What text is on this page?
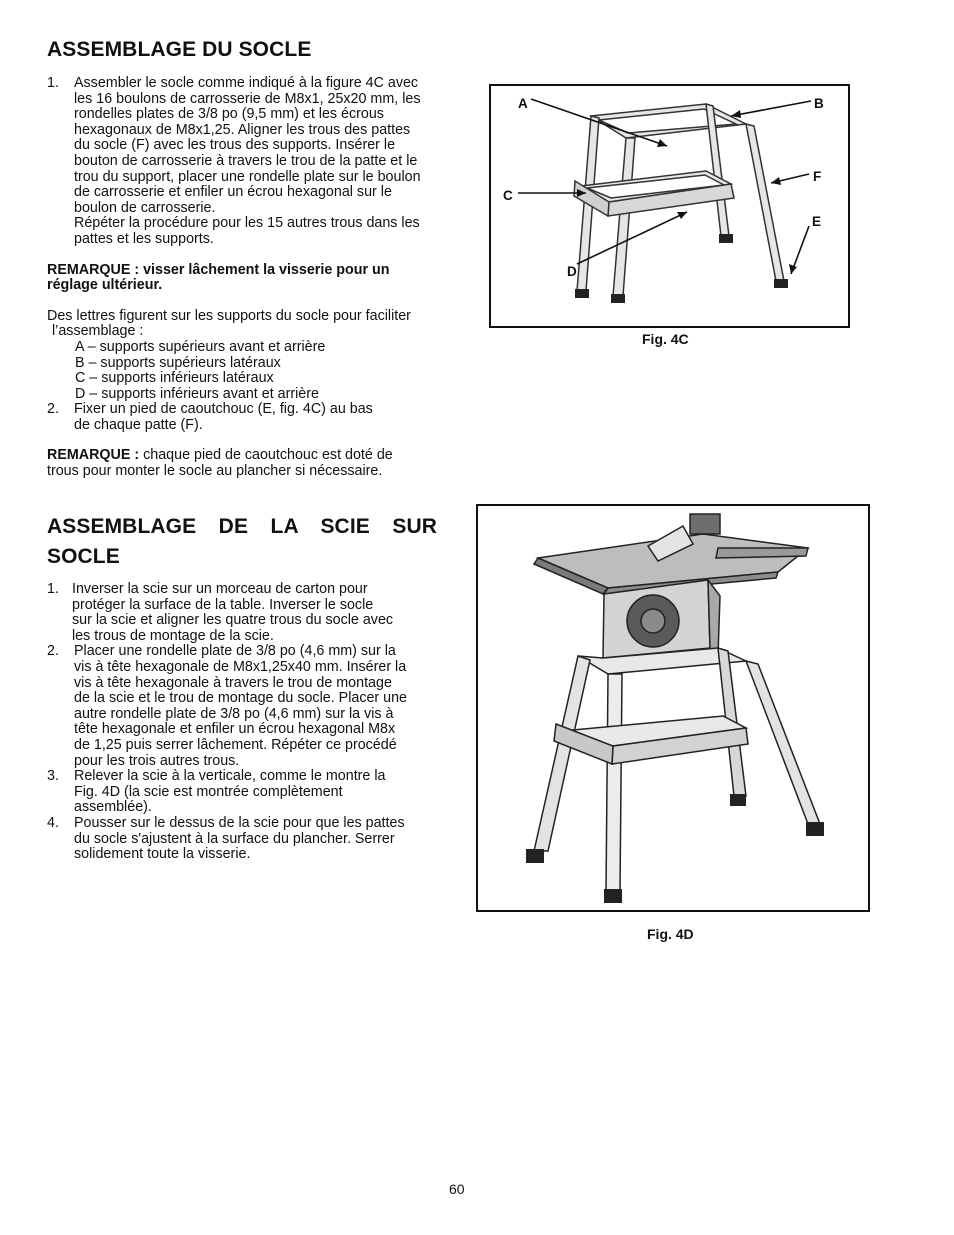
ASSEMBLAGE DU SOCLE
1. Assembler le socle comme indiqué à la figure 4C avec
les 16 boulons de carrosserie de M8x1, 25x20 mm, les
rondelles plates de 3/8 po (9,5 mm) et les écrous
hexagonaux de M8x1,25. Aligner les trous des pattes
du socle (F) avec les trous des supports. Insérer le
bouton de carrosserie à travers le trou de la patte et le
trou du support, placer une rondelle plate sur le boulon
de carrosserie et enfiler un écrou hexagonal sur le
boulon de carrosserie.
Répéter la procédure pour les 15 autres trous dans les
pattes et les supports.
REMARQUE : visser lâchement la visserie pour un
réglage ultérieur.
Des lettres figurent sur les supports du socle pour faciliter
l’assemblage :
A – supports supérieurs avant et arrière
B – supports supérieurs latéraux
C – supports inférieurs latéraux
D – supports inférieurs avant et arrière
2. Fixer un pied de caoutchouc (E, fig. 4C) au bas
de chaque patte (F).
REMARQUE : chaque pied de caoutchouc est doté de
trous pour monter le socle au plancher si nécessaire.
A	B
C
D
E
F
Fig. 4C
ASSEMBLAGE DE LA SCIE SUR
SOCLE
1. Inverser la scie sur un morceau de carton pour
protéger la surface de la table. Inverser le socle
sur la scie et aligner les quatre trous du socle avec
les trous de montage de la scie.
2. Placer une rondelle plate de 3/8 po (4,6 mm) sur la
vis à tête hexagonale de M8x1,25x40 mm. Insérer la
vis à tête hexagonale à travers le trou de montage
de la scie et le trou de montage du socle. Placer une
autre rondelle plate de 3/8 po (4,6 mm) sur la vis à
tête hexagonale et enfiler un écrou hexagonal M8x
de 1,25 puis serrer lâchement. Répéter ce procédé
pour les trois autres trous.
3. Relever la scie à la verticale, comme le montre la
Fig. 4D (la scie est montrée complètement
assemblée).
4. Pousser sur le dessus de la scie pour que les pattes
du socle s'ajustent à la surface du plancher. Serrer
solidement toute la visserie.
Fig. 4D
60
